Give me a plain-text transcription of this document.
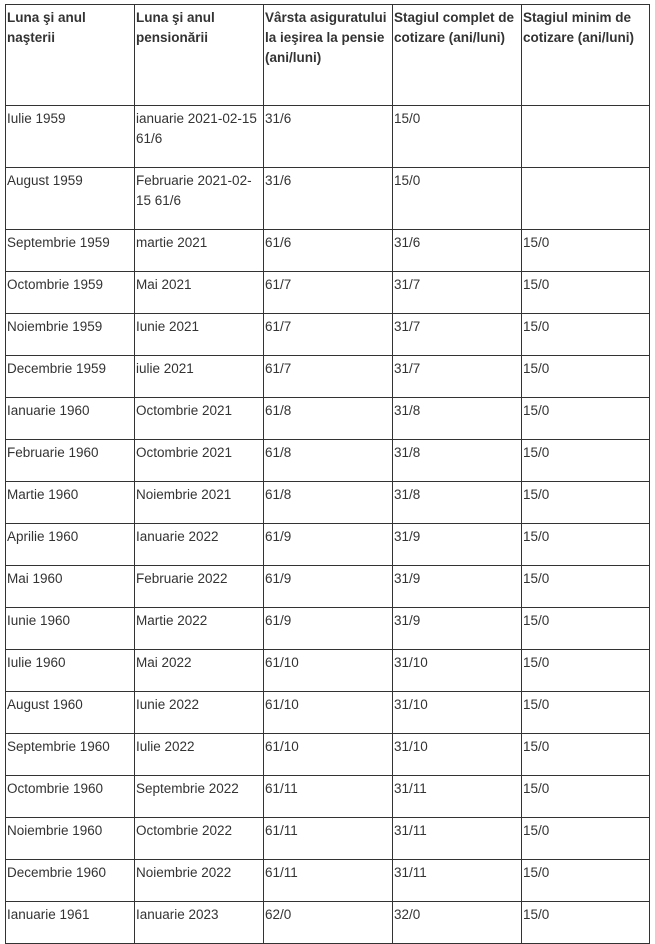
Luna şi anul naşterii	Luna şi anul pensionării	Vârsta asiguratului la ieşirea la pensie (ani/luni)	Stagiul complet de cotizare (ani/luni)	Stagiul minim de cotizare (ani/luni)
Iulie 1959	ianuarie 2021-02-15 61/6	31/6	15/0	
August 1959	Februarie 2021-02-15 61/6	31/6	15/0	
Septembrie 1959	martie 2021	61/6	31/6	15/0
Octombrie 1959	Mai 2021	61/7	31/7	15/0
Noiembrie 1959	Iunie 2021	61/7	31/7	15/0
Decembrie 1959	iulie 2021	61/7	31/7	15/0
Ianuarie 1960	Octombrie 2021	61/8	31/8	15/0
Februarie 1960	Octombrie 2021	61/8	31/8	15/0
Martie 1960	Noiembrie 2021	61/8	31/8	15/0
Aprilie 1960	Ianuarie 2022	61/9	31/9	15/0
Mai 1960	Februarie 2022	61/9	31/9	15/0
Iunie 1960	Martie 2022	61/9	31/9	15/0
Iulie 1960	Mai 2022	61/10	31/10	15/0
August 1960	Iunie 2022	61/10	31/10	15/0
Septembrie 1960	Iulie 2022	61/10	31/10	15/0
Octombrie 1960	Septembrie 2022	61/11	31/11	15/0
Noiembrie 1960	Octombrie 2022	61/11	31/11	15/0
Decembrie 1960	Noiembrie 2022	61/11	31/11	15/0
Ianuarie 1961	Ianuarie 2023	62/0	32/0	15/0
